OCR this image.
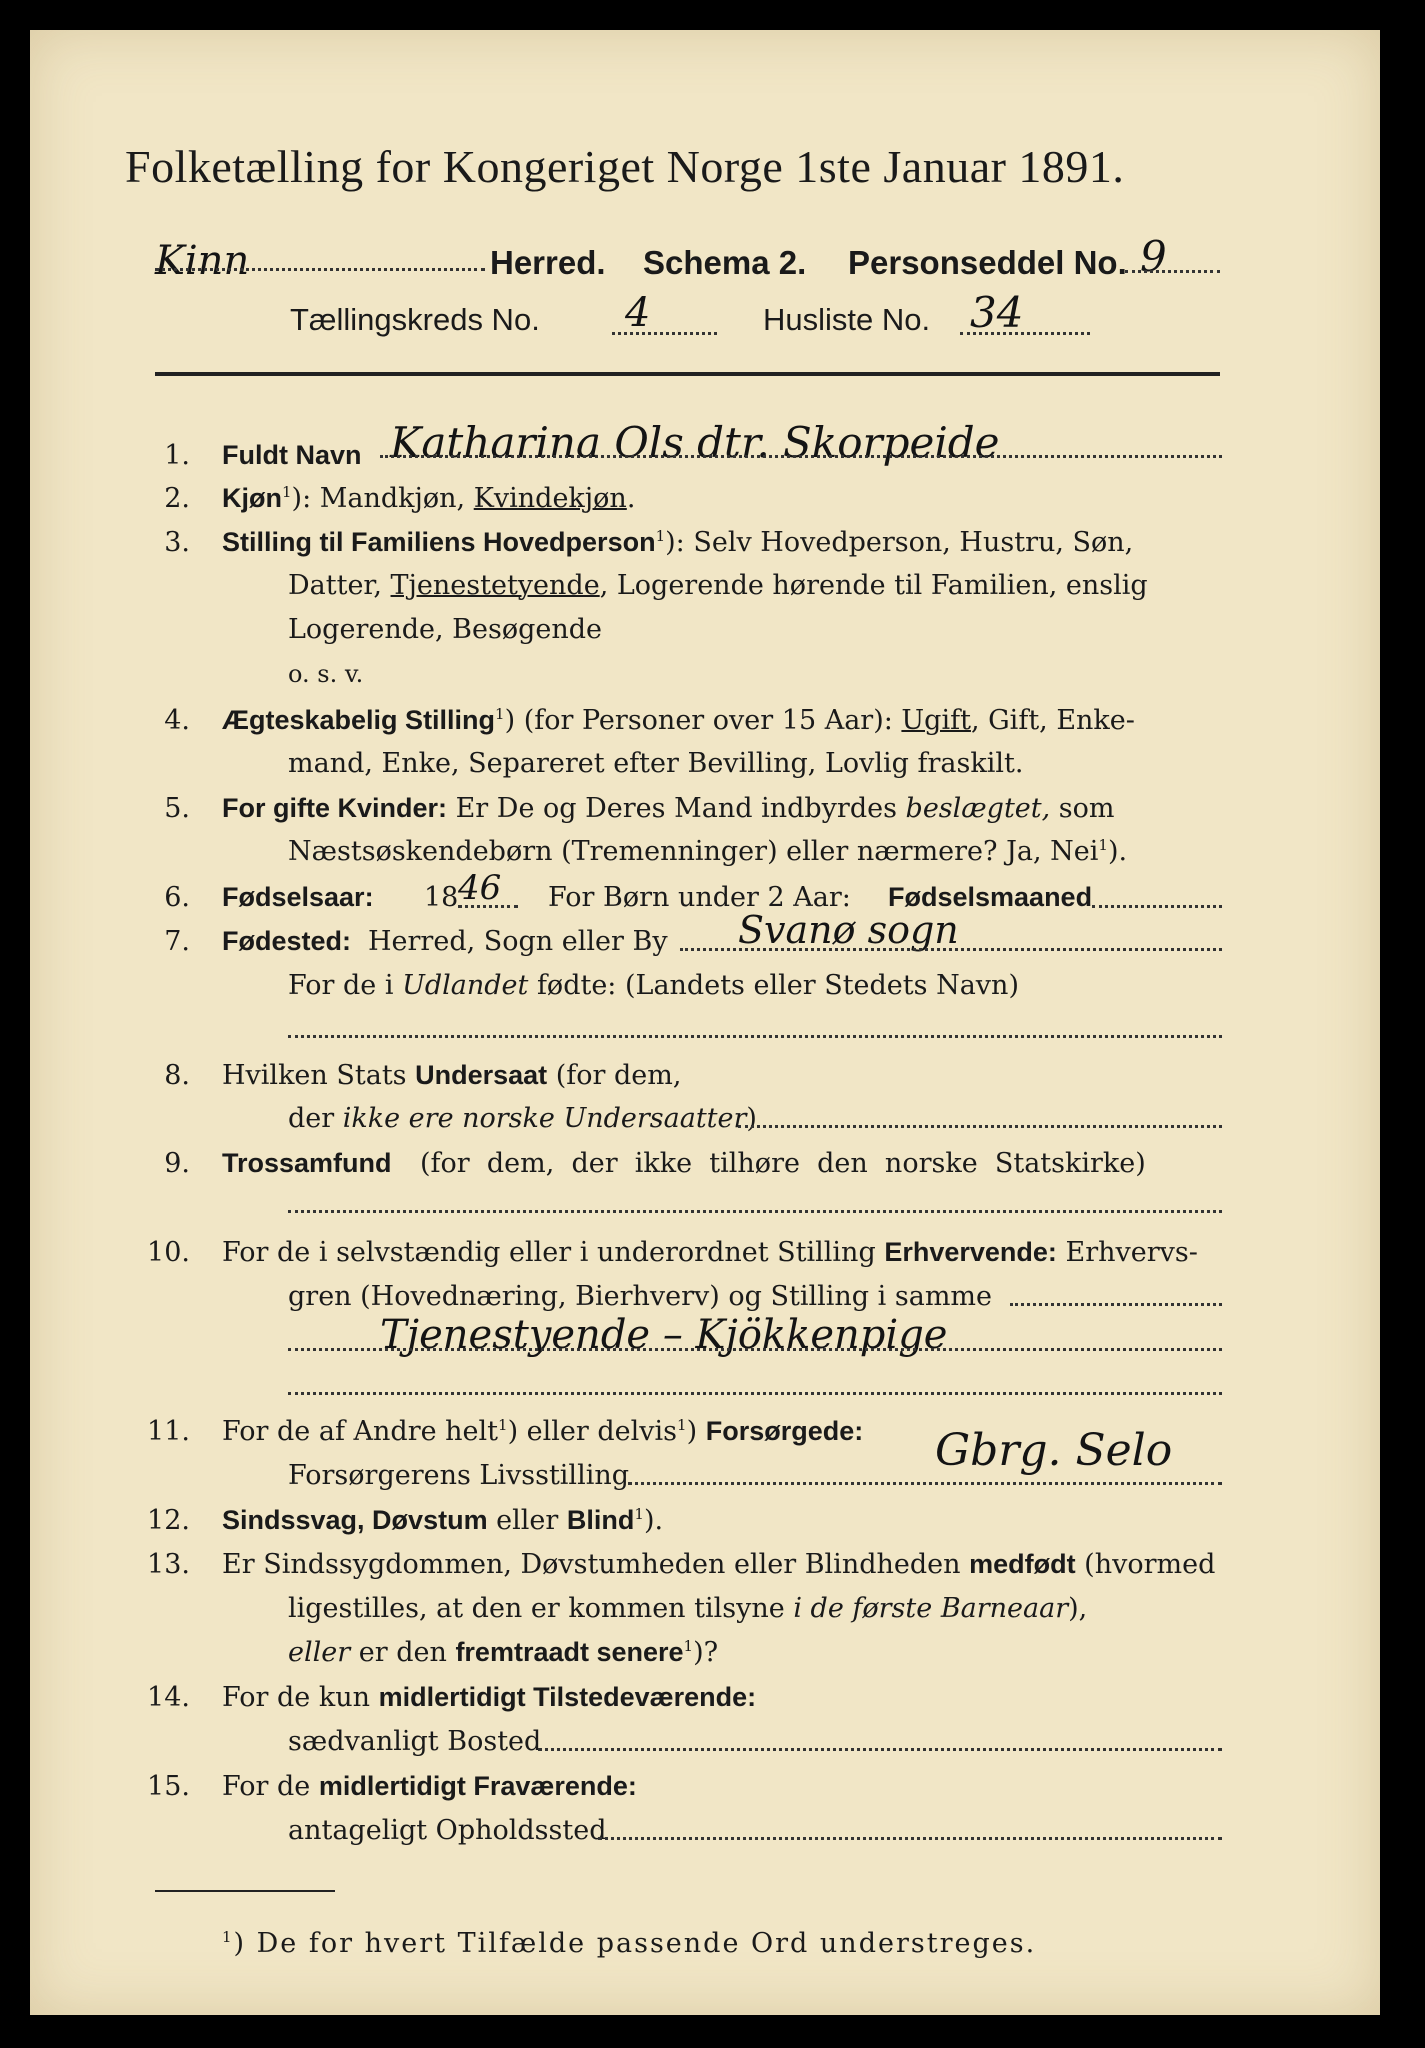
Folketælling for Kongeriget Norge 1ste Januar 1891.
Kinn	Herred. Schema 2. Personseddel No. 9
Tællingskreds No. 4	Husliste No. 34
1. Fuldt Navn Katharina Ols dtr. Skorpeide
2. Kjøn$^1$): Mandkjøn, Kvindekjøn.
3. Stilling til Familiens Hovedperson$^1$): Selv Hovedperson, Hustru, Søn,
Datter, Tjenestetyende, Logerende hørende til Familien, enslig
Logerende, Besøgende
o. s. v.
4. Ægteskabelig Stilling$^1$) (for Personer over 15 Aar): Ugift, Gift, Enke-
mand, Enke, Separeret efter Bevilling, Lovlig fraskilt.
5. For gifte Kvinder: Er De og Deres Mand indbyrdes beslægtet, som
Næstsøskendebørn (Tremenninger) eller nærmere? Ja, Nei$^1$).
6. Fødselsaar: 18 46 For Børn under 2 Aar: Fødselsmaaned
7. Fødested: Herred, Sogn eller By Svanø sogn
For de i Udlandet fødte: (Landets eller Stedets Navn)
8. Hvilken Stats Undersaat (for dem,
der ikke ere norske Undersaatter)
9. Trossamfund (for  dem,  der  ikke  tilhøre  den  norske  Statskirke)
10. For de i selvstændig eller i underordnet Stilling Erhvervende: Erhvervs-
gren (Hovednæring, Bierhverv) og Stilling i samme
Tjenestyende – Kjökkenpige
11. For de af Andre helt$^1$) eller delvis$^1$) Forsørgede:
Forsørgerens Livsstilling	Gbrg. Selo
12. Sindssvag, Døvstum eller Blind$^1$).
13. Er Sindssygdommen, Døvstumheden eller Blindheden medfødt (hvormed
ligestilles, at den er kommen tilsyne i de første Barneaar),
eller er den fremtraadt senere$^1$)?
14. For de kun midlertidigt Tilstedeværende:
sædvanligt Bosted
15. For de midlertidigt Fraværende:
antageligt Opholdssted
$^1$) De for hvert Tilfælde passende Ord understreges.
